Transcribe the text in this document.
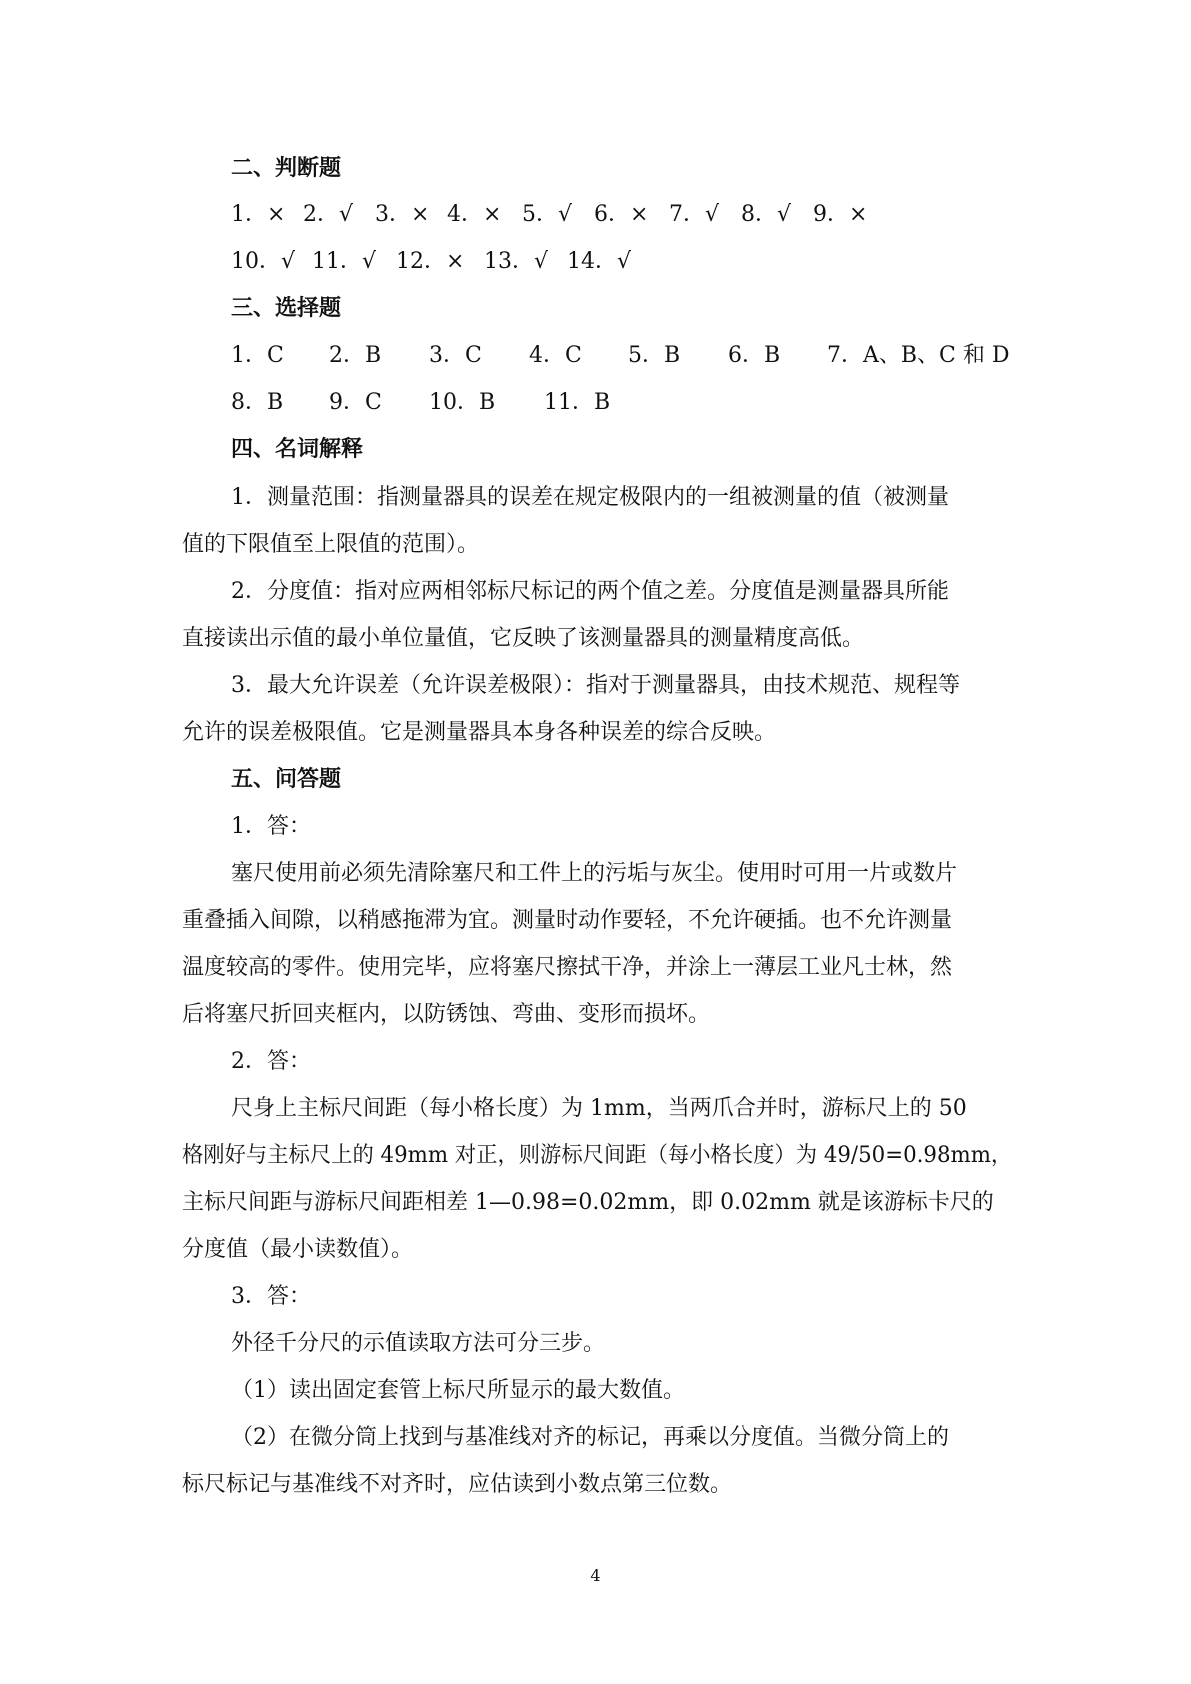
二、判断题
1．× 2．√ 3．× 4．× 5．√ 6．× 7．√ 8．√ 9．×
10．√ 11．√ 12．× 13．√ 14．√
三、选择题
1．C 2．B 3．C 4．C 5．B 6．B 7．A、B、C 和 D
8．B 9．C 10．B 11．B
四、名词解释
1．测量范围：指测量器具的误差在规定极限内的一组被测量的值（被测量
值的下限值至上限值的范围）。
2．分度值：指对应两相邻标尺标记的两个值之差。分度值是测量器具所能
直接读出示值的最小单位量值，它反映了该测量器具的测量精度高低。
3．最大允许误差（允许误差极限）：指对于测量器具，由技术规范、规程等
允许的误差极限值。它是测量器具本身各种误差的综合反映。
五、问答题
1．答：
塞尺使用前必须先清除塞尺和工件上的污垢与灰尘。使用时可用一片或数片
重叠插入间隙，以稍感拖滞为宜。测量时动作要轻，不允许硬插。也不允许测量
温度较高的零件。使用完毕，应将塞尺擦拭干净，并涂上一薄层工业凡士林，然
后将塞尺折回夹框内，以防锈蚀、弯曲、变形而损坏。
2．答：
尺身上主标尺间距（每小格长度）为 1mm，当两爪合并时，游标尺上的 50
格刚好与主标尺上的 49mm 对正，则游标尺间距（每小格长度）为 49/50=0.98mm，
主标尺间距与游标尺间距相差 1—0.98=0.02mm，即 0.02mm 就是该游标卡尺的
分度值（最小读数值）。
3．答：
外径千分尺的示值读取方法可分三步。
（1）读出固定套管上标尺所显示的最大数值。
（2）在微分筒上找到与基准线对齐的标记，再乘以分度值。当微分筒上的
标尺标记与基准线不对齐时，应估读到小数点第三位数。
4
